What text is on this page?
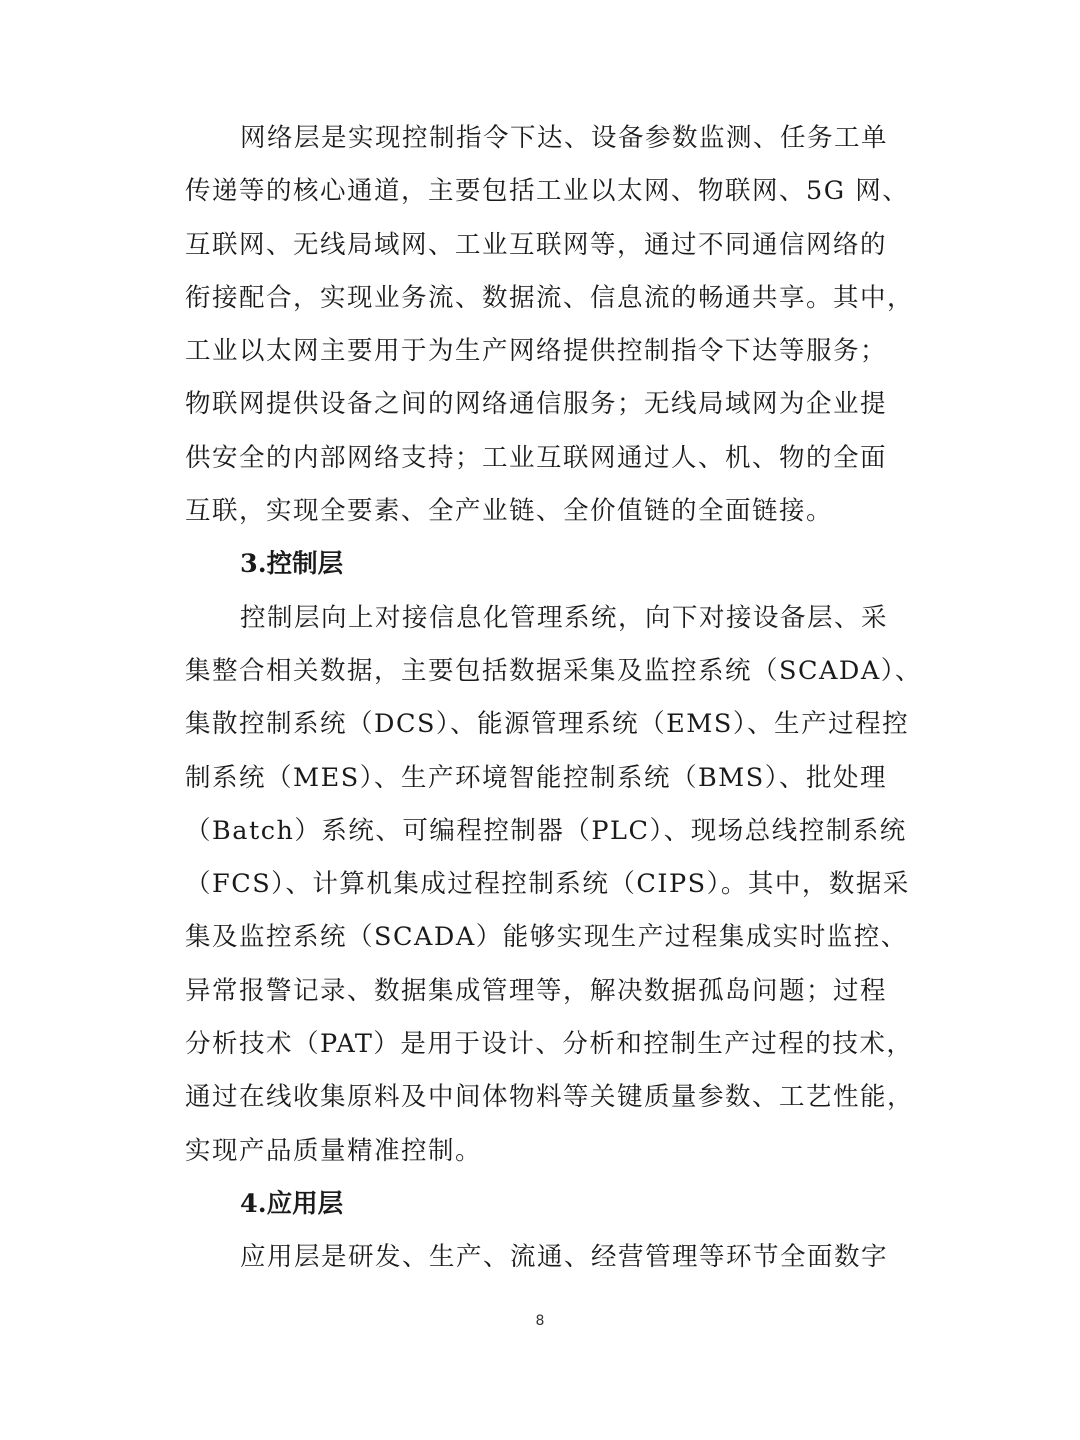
网络层是实现控制指令下达、设备参数监测、任务工单
传递等的核心通道，主要包括工业以太网、物联网、5G 网、
互联网、无线局域网、工业互联网等，通过不同通信网络的
衔接配合，实现业务流、数据流、信息流的畅通共享。其中，
工业以太网主要用于为生产网络提供控制指令下达等服务；
物联网提供设备之间的网络通信服务；无线局域网为企业提
供安全的内部网络支持；工业互联网通过人、机、物的全面
互联，实现全要素、全产业链、全价值链的全面链接。
3.控制层
控制层向上对接信息化管理系统，向下对接设备层、采
集整合相关数据，主要包括数据采集及监控系统（SCADA）、
集散控制系统（DCS）、能源管理系统（EMS）、生产过程控
制系统（MES）、生产环境智能控制系统（BMS）、批处理
（Batch）系统、可编程控制器（PLC）、现场总线控制系统
（FCS）、计算机集成过程控制系统（CIPS）。其中，数据采
集及监控系统（SCADA）能够实现生产过程集成实时监控、
异常报警记录、数据集成管理等，解决数据孤岛问题；过程
分析技术（PAT）是用于设计、分析和控制生产过程的技术，
通过在线收集原料及中间体物料等关键质量参数、工艺性能，
实现产品质量精准控制。
4.应用层
应用层是研发、生产、流通、经营管理等环节全面数字
8
